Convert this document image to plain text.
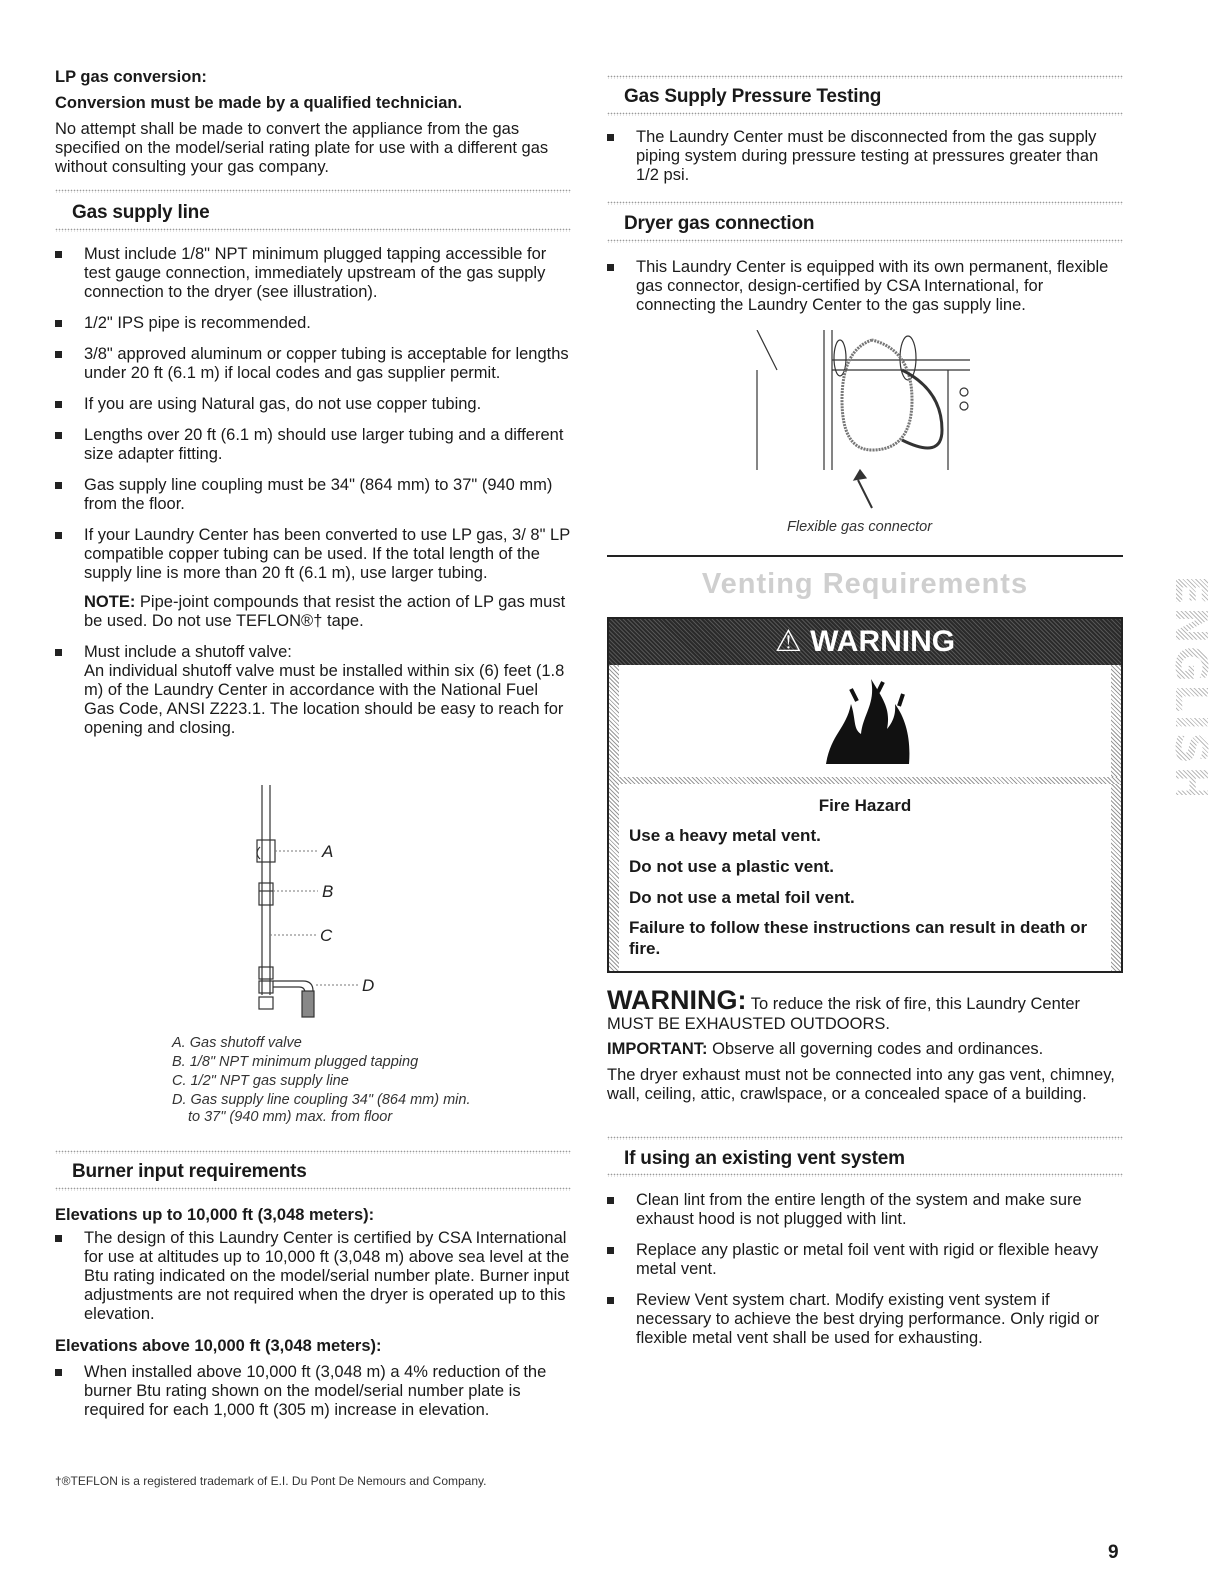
LP gas conversion:
Conversion must be made by a qualified technician.
No attempt shall be made to convert the appliance from the gas specified on the model/serial rating plate for use with a different gas without consulting your gas company.
Gas supply line
Must include 1/8" NPT minimum plugged tapping accessible for test gauge connection, immediately upstream of the gas supply connection to the dryer (see illustration).
1/2" IPS pipe is recommended.
3/8" approved aluminum or copper tubing is acceptable for lengths under 20 ft (6.1 m) if local codes and gas supplier permit.
If you are using Natural gas, do not use copper tubing.
Lengths over 20 ft (6.1 m) should use larger tubing and a different size adapter fitting.
Gas supply line coupling must be 34" (864 mm) to 37" (940 mm) from the floor.
If your Laundry Center has been converted to use LP gas, 3/ 8" LP compatible copper tubing can be used. If the total length of the supply line is more than 20 ft (6.1 m), use larger tubing.
NOTE: Pipe-joint compounds that resist the action of LP gas must be used. Do not use TEFLON®† tape.
Must include a shutoff valve:
An individual shutoff valve must be installed within six (6) feet (1.8 m) of the Laundry Center in accordance with the National Fuel Gas Code, ANSI Z223.1. The location should be easy to reach for opening and closing.
A
B
C
D
A. Gas shutoff valve
B. 1/8" NPT minimum plugged tapping
C. 1/2" NPT gas supply line
D. Gas supply line coupling 34" (864 mm) min.
to 37" (940 mm) max. from floor
Burner input requirements
Elevations up to 10,000 ft (3,048 meters):
The design of this Laundry Center is certified by CSA International for use at altitudes up to 10,000 ft (3,048 m) above sea level at the Btu rating indicated on the model/serial number plate. Burner input adjustments are not required when the dryer is operated up to this elevation.
Elevations above 10,000 ft (3,048 meters):
When installed above 10,000 ft (3,048 m) a 4% reduction of the burner Btu rating shown on the model/serial number plate is required for each 1,000 ft (305 m) increase in elevation.
†®TEFLON is a registered trademark of E.I. Du Pont De Nemours and Company.
Gas Supply Pressure Testing
The Laundry Center must be disconnected from the gas supply piping system during pressure testing at pressures greater than 1/2 psi.
Dryer gas connection
This Laundry Center is equipped with its own permanent, flexible gas connector, design-certified by CSA International, for connecting the Laundry Center to the gas supply line.
Flexible gas connector
Venting Requirements
⚠ WARNING
Fire Hazard
Use a heavy metal vent.
Do not use a plastic vent.
Do not use a metal foil vent.
Failure to follow these instructions can result in death or fire.
WARNING: To reduce the risk of fire, this Laundry Center MUST BE EXHAUSTED OUTDOORS.
IMPORTANT: Observe all governing codes and ordinances.
The dryer exhaust must not be connected into any gas vent, chimney, wall, ceiling, attic, crawlspace, or a concealed space of a building.
If using an existing vent system
Clean lint from the entire length of the system and make sure exhaust hood is not plugged with lint.
Replace any plastic or metal foil vent with rigid or flexible heavy metal vent.
Review Vent system chart. Modify existing vent system if necessary to achieve the best drying performance. Only rigid or flexible metal vent shall be used for exhausting.
ENGLISH
9
